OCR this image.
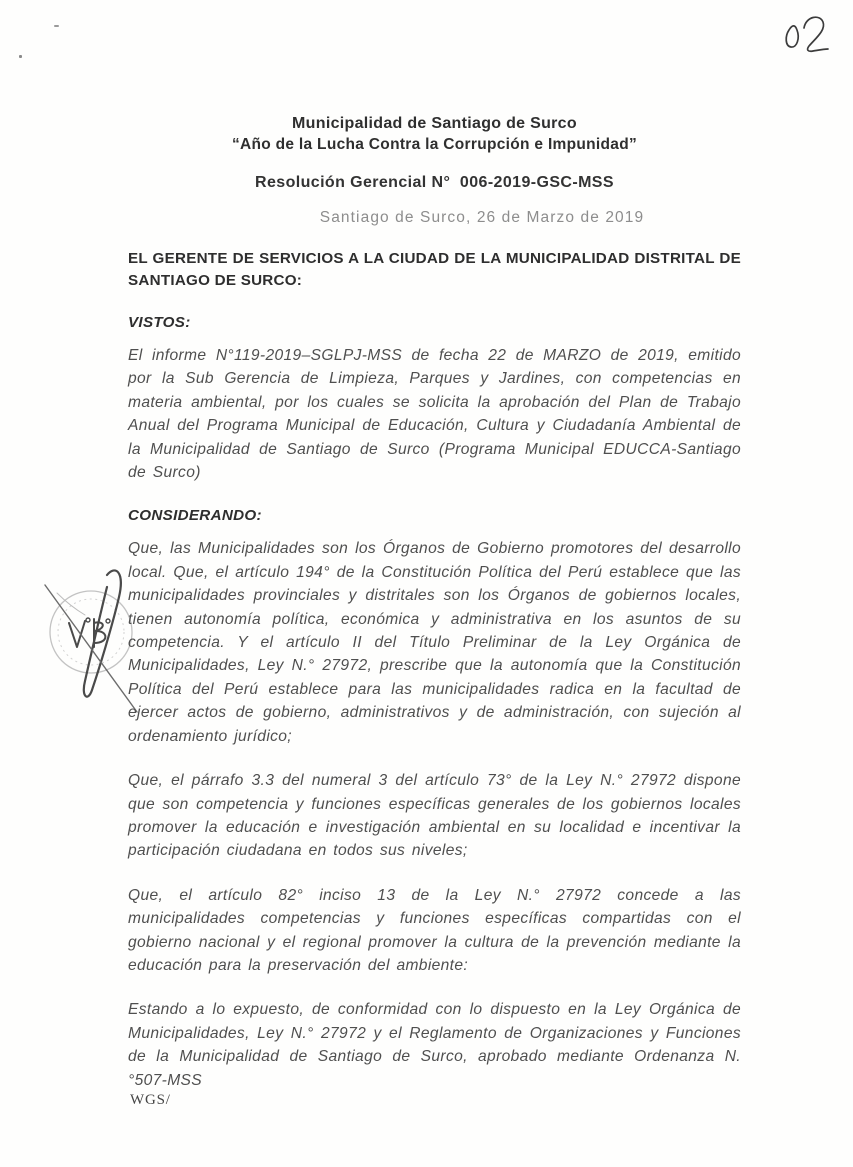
Municipalidad de Santiago de Surco
“Año de la Lucha Contra la Corrupción e Impunidad”
Resolución Gerencial N°  006-2019-GSC-MSS
Santiago de Surco, 26 de Marzo de 2019
EL GERENTE DE SERVICIOS A LA CIUDAD DE LA MUNICIPALIDAD DISTRITAL DE SANTIAGO DE SURCO:
VISTOS:
El informe N°119-2019–SGLPJ-MSS de fecha 22 de MARZO de 2019, emitido por la Sub Gerencia de Limpieza, Parques y Jardines, con competencias en materia ambiental, por los cuales se solicita la aprobación del Plan de Trabajo Anual del Programa Municipal de Educación, Cultura y Ciudadanía Ambiental de la Municipalidad de Santiago de Surco (Programa Municipal EDUCCA-Santiago de Surco)
CONSIDERANDO:
Que, las Municipalidades son los Órganos de Gobierno promotores del desarrollo local. Que, el artículo 194° de la Constitución Política del Perú establece que las municipalidades provinciales y distritales son los Órganos de gobiernos locales, tienen autonomía política, económica y administrativa en los asuntos de su competencia. Y el artículo II del Título Preliminar de la Ley Orgánica de Municipalidades, Ley N.° 27972, prescribe que la autonomía que la Constitución Política del Perú establece para las municipalidades radica en la facultad de ejercer actos de gobierno, administrativos y de administración, con sujeción al ordenamiento jurídico;
Que, el párrafo 3.3 del numeral 3 del artículo 73° de la Ley N.° 27972 dispone que son competencia y funciones específicas generales de los gobiernos locales promover la educación e investigación ambiental en su localidad e incentivar la participación ciudadana en todos sus niveles;
Que, el artículo 82° inciso 13 de la Ley N.° 27972 concede a las municipalidades competencias y funciones específicas compartidas con el gobierno nacional y el regional promover la cultura de la prevención mediante la educación para la preservación del ambiente:
Estando a lo expuesto, de conformidad con lo dispuesto en la Ley Orgánica de Municipalidades, Ley N.° 27972 y el Reglamento de Organizaciones y Funciones de la Municipalidad de Santiago de Surco, aprobado mediante Ordenanza N.°507-MSS
WGS/
